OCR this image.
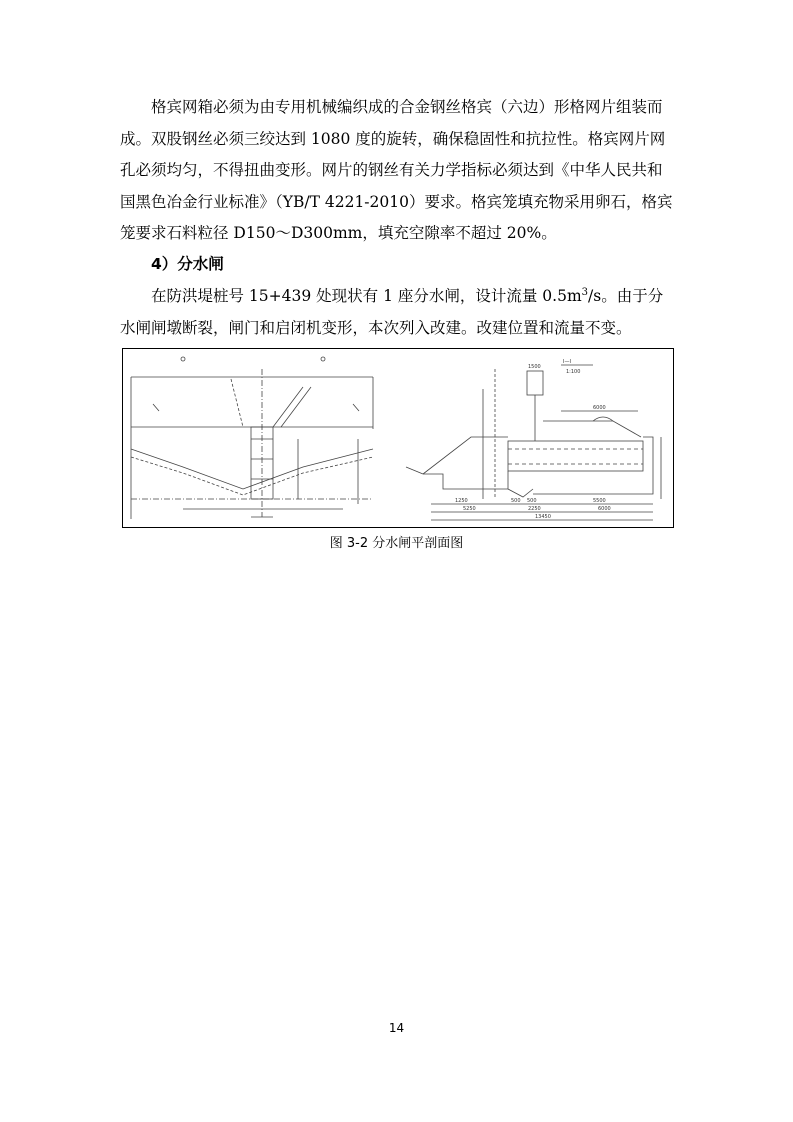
格宾网箱必须为由专用机械编织成的合金钢丝格宾（六边）形格网片组装而成。双股钢丝必须三绞达到 1080 度的旋转，确保稳固性和抗拉性。格宾网片网孔必须均匀，不得扭曲变形。网片的钢丝有关力学指标必须达到《中华人民共和国黑色冶金行业标准》（YB/T 4221-2010）要求。格宾笼填充物采用卵石，格宾笼要求石料粒径 D150～D300mm，填充空隙率不超过 20%。

4）分水闸

在防洪堤桩号 15+439 处现状有 1 座分水闸，设计流量 $0.5m^3/s$。由于分水闸闸墩断裂，闸门和启闭机变形，本次列入改建。改建位置和流量不变。

Ⅰ—Ⅰ
1:100
1500
6000
1250	500 500	5500
5250	2250	6000
13450
图 3-2 分水闸平剖面图
14
